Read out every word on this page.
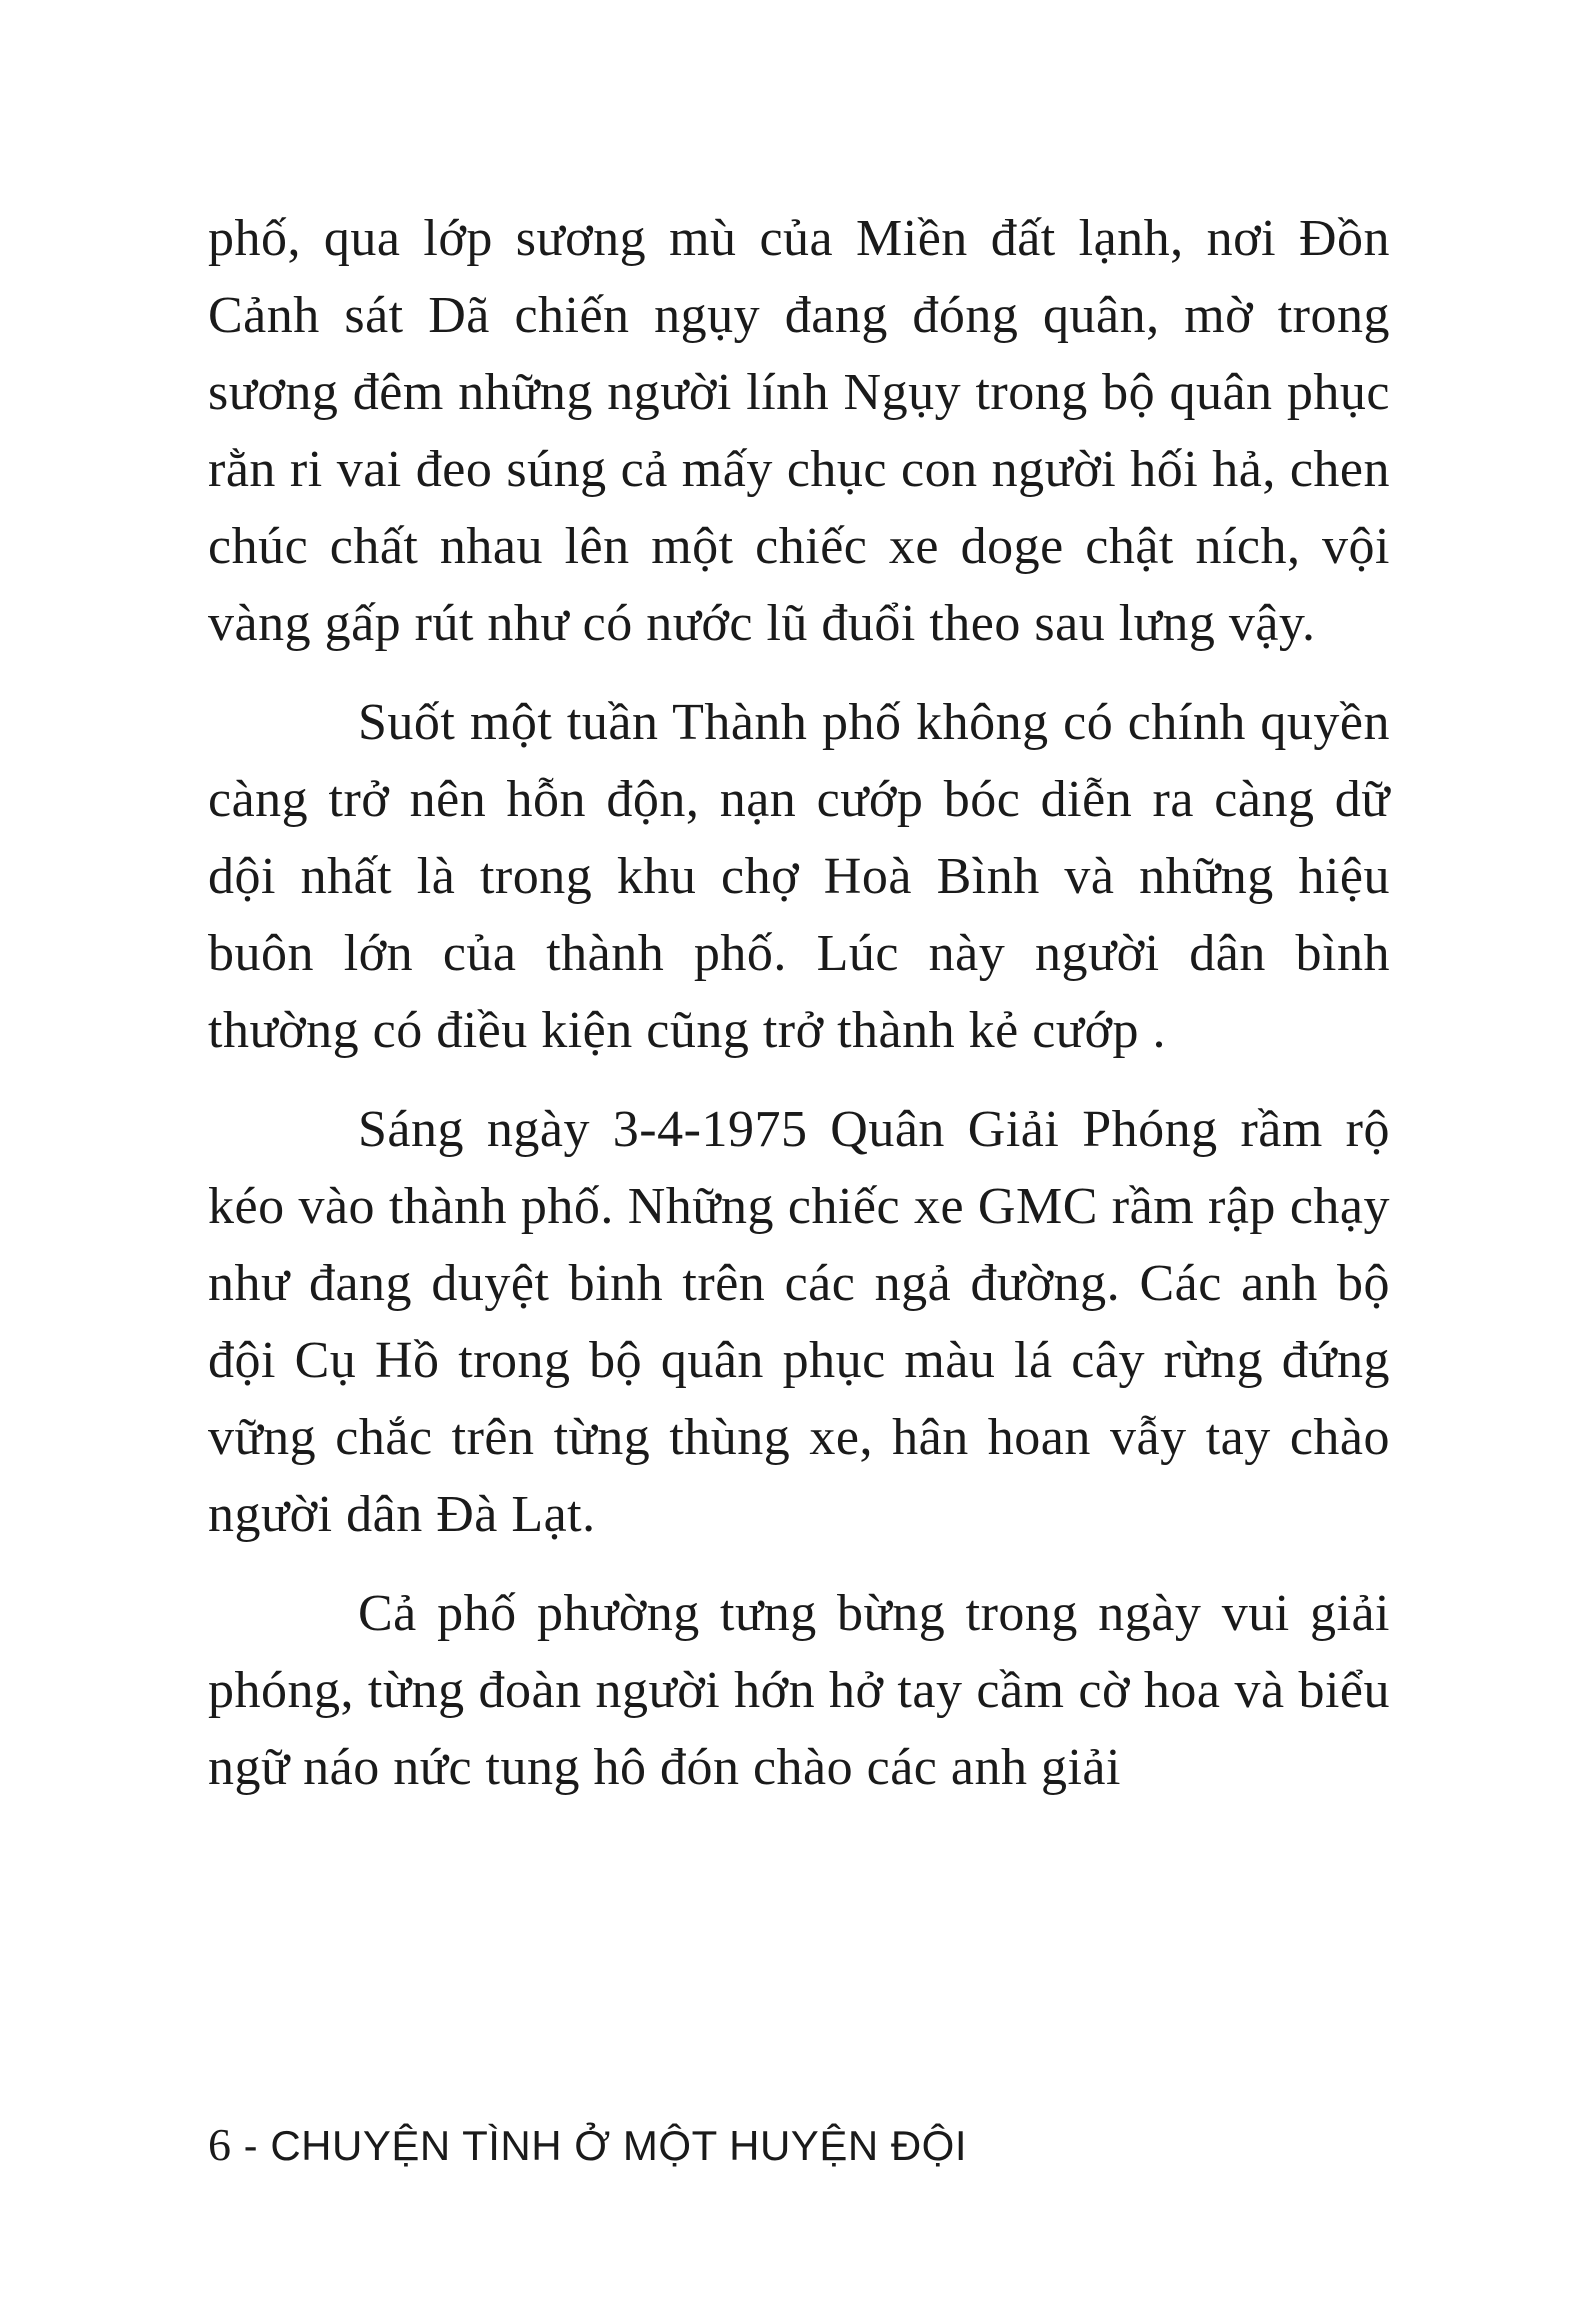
phố, qua lớp sương mù của Miền đất lạnh, nơi Đồn Cảnh sát Dã chiến ngụy đang đóng quân, mờ trong sương đêm những người lính Ngụy trong bộ quân phục rằn ri vai đeo súng cả mấy chục con người hối hả, chen chúc chất nhau lên một chiếc xe doge chật ních, vội vàng gấp rút như có nước lũ đuổi theo sau lưng vậy.

Suốt một tuần Thành phố không có chính quyền càng trở nên hỗn độn, nạn cướp bóc diễn ra càng dữ dội nhất là trong khu chợ Hoà Bình và những hiệu buôn lớn của thành phố. Lúc này người dân bình thường có điều kiện cũng trở thành kẻ cướp .

Sáng ngày 3-4-1975 Quân Giải Phóng rầm rộ kéo vào thành phố. Những chiếc xe GMC rầm rập chạy như đang duyệt binh trên các ngả đường. Các anh bộ đội Cụ Hồ trong bộ quân phục màu lá cây rừng đứng vững chắc trên từng thùng xe, hân hoan vẫy tay chào người dân Đà Lạt.

Cả phố phường tưng bừng trong ngày vui giải phóng, từng đoàn người hớn hở tay cầm cờ hoa và biểu ngữ náo nức tung hô đón chào các anh giải

6 - CHUYỆN TÌNH Ở MỘT HUYỆN ĐỘI
